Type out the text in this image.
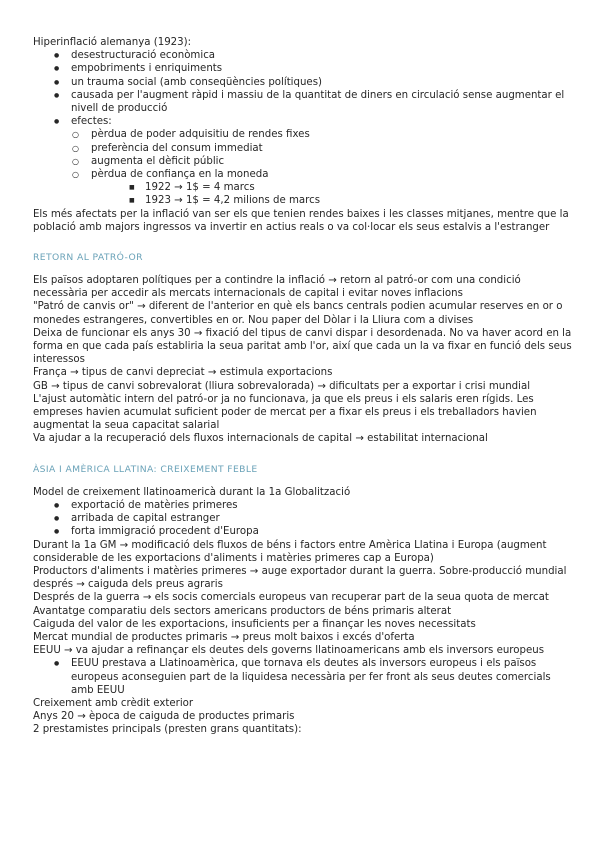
Hiperinflació alemanya (1923):

● desestructuració econòmica
● empobriments i enriquiments
● un trauma social (amb conseqüències polítiques)
● causada per l'augment ràpid i massiu de la quantitat de diners en circulació sense augmentar el nivell de producció
● efectes:
○ pèrdua de poder adquisitiu de rendes fixes
○ preferència del consum immediat
○ augmenta el dèficit públic
○ pèrdua de confiança en la moneda
■ 1922 → 1$ = 4 marcs
■ 1923 → 1$ = 4,2 milions de marcs

Els més afectats per la inflació van ser els que tenien rendes baixes i les classes mitjanes, mentre que la població amb majors ingressos va invertir en actius reals o va col·locar els seus estalvis a l'estranger

RETORN AL PATRÓ-OR

Els països adoptaren polítiques per a contindre la inflació → retorn al patró-or com una condició necessària per accedir als mercats internacionals de capital i evitar noves inflacions

"Patró de canvis or" → diferent de l'anterior en què els bancs centrals podien acumular reserves en or o monedes estrangeres, convertibles en or. Nou paper del Dòlar i la Lliura com a divises

Deixa de funcionar els anys 30 → fixació del tipus de canvi dispar i desordenada. No va haver acord en la forma en que cada país establiria la seua paritat amb l'or, així que cada un la va fixar en funció dels seus interessos

França → tipus de canvi depreciat → estimula exportacions

GB → tipus de canvi sobrevalorat (lliura sobrevalorada) → dificultats per a exportar i crisi mundial

L'ajust automàtic intern del patró-or ja no funcionava, ja que els preus i els salaris eren rígids. Les empreses havien acumulat suficient poder de mercat per a fixar els preus i els treballadors havien augmentat la seua capacitat salarial

Va ajudar a la recuperació dels fluxos internacionals de capital → estabilitat internacional

ÀSIA I AMÈRICA LLATINA: CREIXEMENT FEBLE

Model de creixement llatinoamericà durant la 1a Globalització

● exportació de matèries primeres
● arribada de capital estranger
● forta immigració procedent d'Europa

Durant la 1a GM → modificació dels fluxos de béns i factors entre Amèrica Llatina i Europa (augment considerable de les exportacions d'aliments i matèries primeres cap a Europa)

Productors d'aliments i matèries primeres → auge exportador durant la guerra. Sobre-producció mundial després → caiguda dels preus agraris

Després de la guerra → els socis comercials europeus van recuperar part de la seua quota de mercat

Avantatge comparatiu dels sectors americans productors de béns primaris alterat

Caiguda del valor de les exportacions, insuficients per a finançar les noves necessitats

Mercat mundial de productes primaris → preus molt baixos i excés d'oferta

EEUU → va ajudar a refinançar els deutes dels governs llatinoamericans amb els inversors europeus

● EEUU prestava a Llatinoamèrica, que tornava els deutes als inversors europeus i els països europeus aconseguien part de la liquidesa necessària per fer front als seus deutes comercials amb EEUU

Creixement amb crèdit exterior

Anys 20 → època de caiguda de productes primaris

2 prestamistes principals (presten grans quantitats):
